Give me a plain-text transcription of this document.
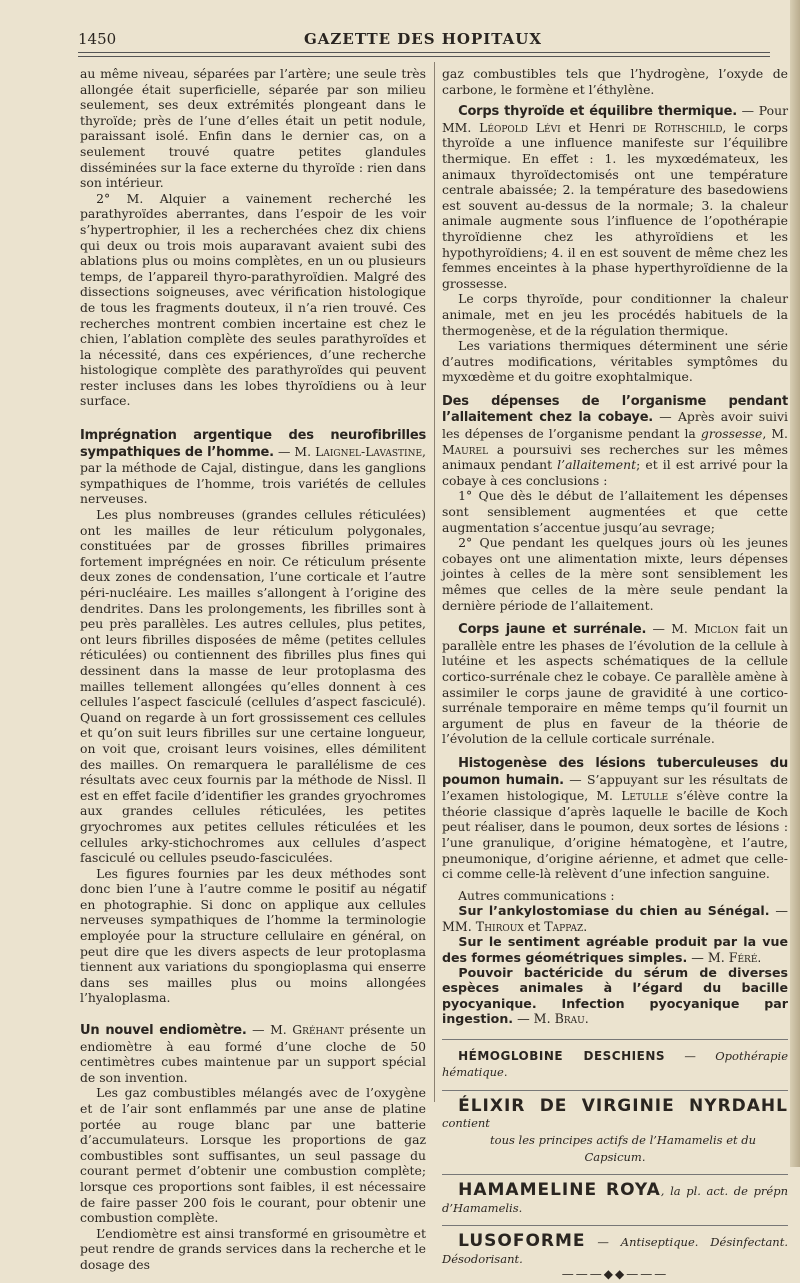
1450	GAZETTE DES HOPITAUX

au même niveau, séparées par l’artère; une seule très allongée était superficielle, séparée par son milieu seulement, ses deux extrémités plongeant dans le thyroïde; près de l’une d’elles était un petit nodule, paraissant isolé. Enfin dans le dernier cas, on a seulement trouvé quatre petites glandules disséminées sur la face externe du thyroïde : rien dans son intérieur.

2° M. Alquier a vainement recherché les parathyroïdes aberrantes, dans l’espoir de les voir s’hypertrophier, il les a recherchées chez dix chiens qui deux ou trois mois auparavant avaient subi des ablations plus ou moins complètes, en un ou plusieurs temps, de l’appareil thyro-parathyroïdien. Malgré des dissections soigneuses, avec vérification histologique de tous les fragments douteux, il n’a rien trouvé. Ces recherches montrent combien incertaine est chez le chien, l’ablation complète des seules parathyroïdes et la nécessité, dans ces expériences, d’une recherche histologique complète des parathyroïdes qui peuvent rester incluses dans les lobes thyroïdiens ou à leur surface.

Imprégnation argentique des neurofibrilles sympathiques de l’homme. — M. Laignel-Lavastine, par la méthode de Cajal, distingue, dans les ganglions sympathiques de l’homme, trois variétés de cellules nerveuses.

Les plus nombreuses (grandes cellules réticulées) ont les mailles de leur réticulum polygonales, constituées par de grosses fibrilles primaires fortement imprégnées en noir. Ce réticulum présente deux zones de condensation, l’une corticale et l’autre péri-nucléaire. Les mailles s’allongent à l’origine des dendrites. Dans les prolongements, les fibrilles sont à peu près parallèles. Les autres cellules, plus petites, ont leurs fibrilles disposées de même (petites cellules réticulées) ou contiennent des fibrilles plus fines qui dessinent dans la masse de leur protoplasma des mailles tellement allongées qu’elles donnent à ces cellules l’aspect fasciculé (cellules d’aspect fasciculé). Quand on regarde à un fort grossissement ces cellules et qu’on suit leurs fibrilles sur une certaine longueur, on voit que, croisant leurs voisines, elles démilitent des mailles. On remarquera le parallélisme de ces résultats avec ceux fournis par la méthode de Nissl. Il est en effet facile d’identifier les grandes gryochromes aux grandes cellules réticulées, les petites gryochromes aux petites cellules réticulées et les cellules arky-stichochromes aux cellules d’aspect fasciculé ou cellules pseudo-fasciculées.

Les figures fournies par les deux méthodes sont donc bien l’une à l’autre comme le positif au négatif en photographie. Si donc on applique aux cellules nerveuses sympathiques de l’homme la terminologie employée pour la structure cellulaire en général, on peut dire que les divers aspects de leur protoplasma tiennent aux variations du spongioplasma qui enserre dans ses mailles plus ou moins allongées l’hyaloplasma.

Un nouvel endiomètre. — M. Gréhant présente un endiomètre à eau formé d’une cloche de 50 centimètres cubes maintenue par un support spécial de son invention.

Les gaz combustibles mélangés avec de l’oxygène et de l’air sont enflammés par une anse de platine portée au rouge blanc par une batterie d’accumulateurs. Lorsque les proportions de gaz combustibles sont suffisantes, un seul passage du courant permet d’obtenir une combustion complète; lorsque ces proportions sont faibles, il est nécessaire de faire passer 200 fois le courant, pour obtenir une combustion complète.

L’endiomètre est ainsi transformé en grisoumètre et peut rendre de grands services dans la recherche et le dosage des

gaz combustibles tels que l’hydrogène, l’oxyde de carbone, le formène et l’éthylène.

Corps thyroïde et équilibre thermique. — Pour MM. Léopold Lévi et Henri de Rothschild, le corps thyroïde a une influence manifeste sur l’équilibre thermique. En effet : 1. les myxœdémateux, les animaux thyroïdectomisés ont une température centrale abaissée; 2. la température des basedowiens est souvent au-dessus de la normale; 3. la chaleur animale augmente sous l’influence de l’opothérapie thyroïdienne chez les athyroïdiens et les hypothyroïdiens; 4. il en est souvent de même chez les femmes enceintes à la phase hyperthyroïdienne de la grossesse.

Le corps thyroïde, pour conditionner la chaleur animale, met en jeu les procédés habituels de la thermogenèse, et de la régulation thermique.

Les variations thermiques déterminent une série d’autres modifications, véritables symptômes du myxœdème et du goitre exophtalmique.

Des dépenses de l’organisme pendant l’allaitement chez la cobaye. — Après avoir suivi les dépenses de l’organisme pendant la grossesse, M. Maurel a poursuivi ses recherches sur les mêmes animaux pendant l’allaitement; et il est arrivé pour la cobaye à ces conclusions :

1° Que dès le début de l’allaitement les dépenses sont sensiblement augmentées et que cette augmentation s’accentue jusqu’au sevrage;

2° Que pendant les quelques jours où les jeunes cobayes ont une alimentation mixte, leurs dépenses jointes à celles de la mère sont sensiblement les mêmes que celles de la mère seule pendant la dernière période de l’allaitement.

Corps jaune et surrénale. — M. Miclon fait un parallèle entre les phases de l’évolution de la cellule à lutéine et les aspects schématiques de la cellule cortico-surrénale chez le cobaye. Ce parallèle amène à assimiler le corps jaune de gravidité à une cortico-surrénale temporaire en même temps qu’il fournit un argument de plus en faveur de la théorie de l’évolution de la cellule corticale surrénale.

Histogenèse des lésions tuberculeuses du poumon humain. — S’appuyant sur les résultats de l’examen histologique, M. Letulle s’élève contre la théorie classique d’après laquelle le bacille de Koch peut réaliser, dans le poumon, deux sortes de lésions : l’une granulique, d’origine hématogène, et l’autre, pneumonique, d’origine aérienne, et admet que celle-ci comme celle-là relèvent d’une infection sanguine.

Autres communications :

Sur l’ankylostomiase du chien au Sénégal. — MM. Thiroux et Tappaz.

Sur le sentiment agréable produit par la vue des formes géométriques simples. — M. Féré.

Pouvoir bactéricide du sérum de diverses espèces animales à l’égard du bacille pyocyanique. Infection pyocyanique par ingestion. — M. Brau.

HÉMOGLOBINE DESCHIENS — Opothérapie hématique.

ÉLIXIR DE VIRGINIE NYRDAHL contient

tous les principes actifs de l’Hamamelis et du Capsicum.

HAMAMELINE ROYA, la pl. act. de prépn d’Hamamelis.

LUSOFORME — Antiseptique. Désinfectant. Désodorisant.

———◆◆———
